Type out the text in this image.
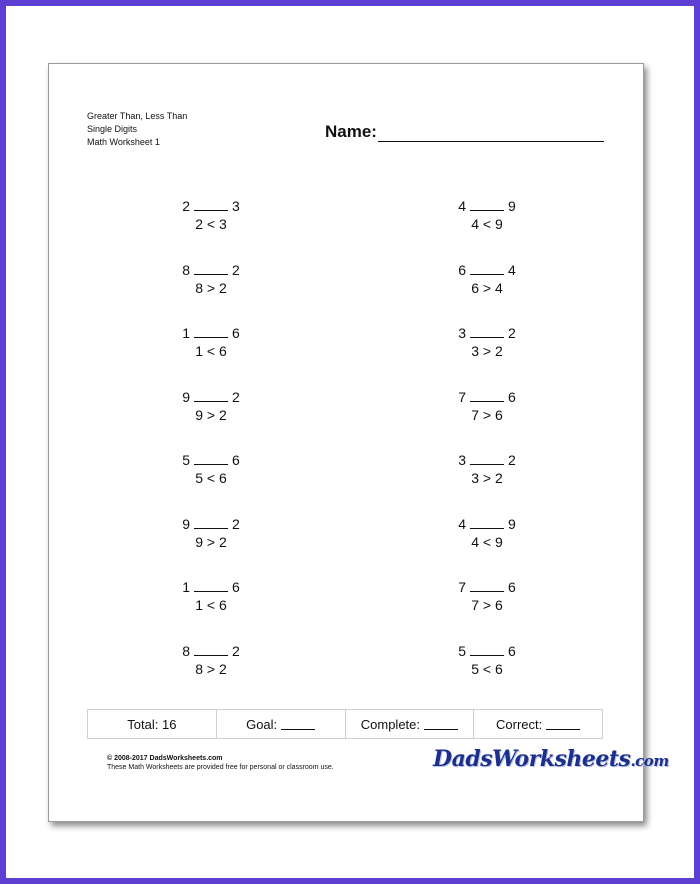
Greater Than, Less Than
Single Digits
Math Worksheet 1
Name:
2	3
2 < 3
8	2
8 > 2
1	6
1 < 6
9	2
9 > 2
5	6
5 < 6
9	2
9 > 2
1	6
1 < 6
8	2
8 > 2
4	9
4 < 9
6	4
6 > 4
3	2
3 > 2
7	6
7 > 6
3	2
3 > 2
4	9
4 < 9
7	6
7 > 6
5	6
5 < 6
Total: 16	Goal:	Complete:	Correct:
© 2008-2017 DadsWorksheets.com
These Math Worksheets are provided free for personal or classroom use.	DadsWorksheets.com
